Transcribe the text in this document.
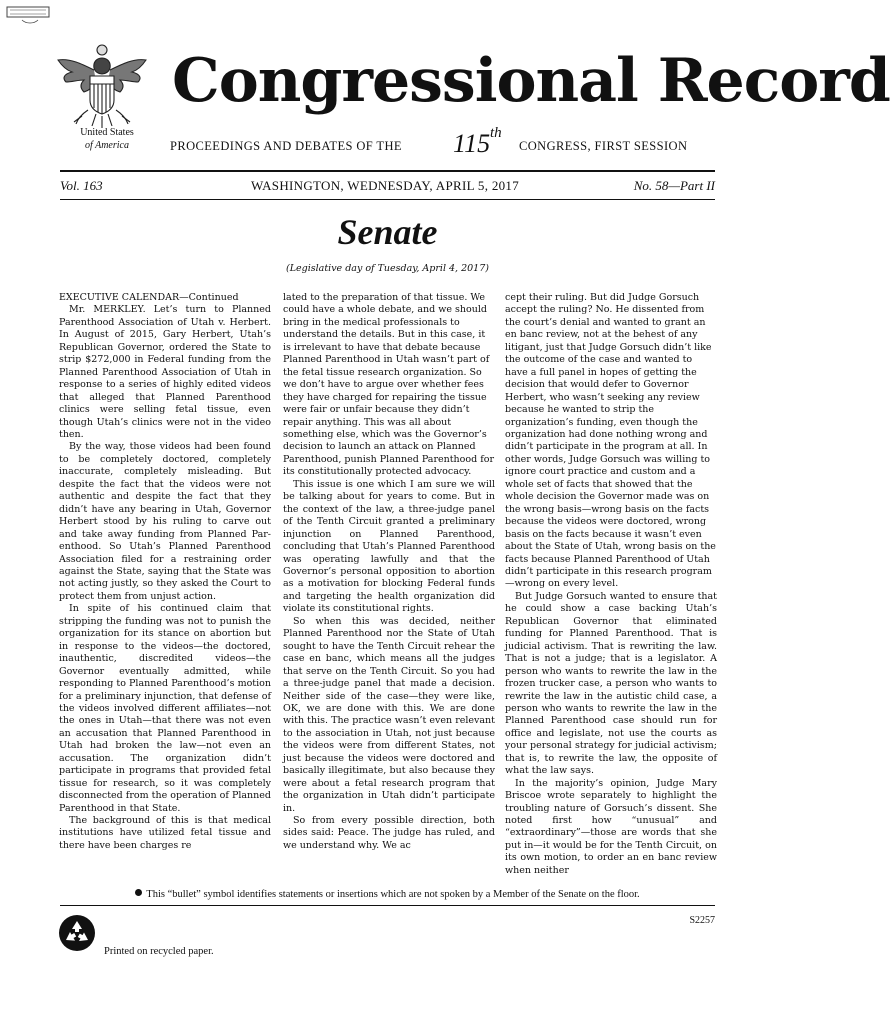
Congressional Record
United States
of America	PROCEEDINGS AND DEBATES OF THE 115 th
CONGRESS, FIRST SESSION
Vol. 163	WASHINGTON, WEDNESDAY, APRIL 5, 2017	No. 58—Part II
Senate
(Legislative day of Tuesday, April 4, 2017)

EXECUTIVE CALENDAR—Continued

Mr. MERKLEY. Let’s turn to Planned Parenthood Association of Utah v. Herbert. In August of 2015, Gary Herbert, Utah’s Republican Governor, ordered the State to strip $272,000 in Federal funding from the Planned Parenthood Association of Utah in response to a series of highly edited videos that alleged that Planned Parenthood clinics were selling fetal tissue, even though Utah’s clinics were not in the video then.

By the way, those videos had been found to be completely doctored, completely inaccurate, completely misleading. But despite the fact that the videos were not authentic and despite the fact that they didn’t have any bearing in Utah, Governor Herbert stood by his ruling to carve out and take away funding from Planned Parenthood. So Utah’s Planned Parenthood Association filed for a restraining order against the State, saying that the State was not acting justly, so they asked the Court to protect them from unjust action.

In spite of his continued claim that stripping the funding was not to punish the organization for its stance on abortion but in response to the videos—the doctored, inauthentic, discredited videos—the Governor eventually admitted, while responding to Planned Parenthood’s motion for a preliminary injunction, that defense of the videos involved different affiliates—not the ones in Utah—that there was not even an accusation that Planned Parenthood in Utah had broken the law—not even an accusation. The organization didn’t participate in programs that provided fetal tissue for research, so it was completely disconnected from the operation of Planned Parenthood in that State.

The background of this is that medical institutions have utilized fetal tissue and there have been charges re

lated to the preparation of that tissue. We could have a whole debate, and we should bring in the medical professionals to understand the details. But in this case, it is irrelevant to have that debate because Planned Parenthood in Utah wasn’t part of the fetal tissue research organization. So we don’t have to argue over whether fees they have charged for repairing the tissue were fair or unfair because they didn’t repair anything. This was all about something else, which was the Governor’s decision to launch an attack on Planned Parenthood, punish Planned Parenthood for its constitutionally protected advocacy.

This issue is one which I am sure we will be talking about for years to come. But in the context of the law, a three-judge panel of the Tenth Circuit granted a preliminary injunction on Planned Parenthood, concluding that Utah’s Planned Parenthood was operating lawfully and that the Governor’s personal opposition to abortion as a motivation for blocking Federal funds and targeting the health organization did violate its constitutional rights.

So when this was decided, neither Planned Parenthood nor the State of Utah sought to have the Tenth Circuit rehear the case en banc, which means all the judges that serve on the Tenth Circuit. So you had a three-judge panel that made a decision. Neither side of the case—they were like, OK, we are done with this. We are done with this. The practice wasn’t even relevant to the association in Utah, not just because the videos were from different States, not just because the videos were doctored and basically illegitimate, but also because they were about a fetal research program that the organization in Utah didn’t participate in.

So from every possible direction, both sides said: Peace. The judge has ruled, and we understand why. We ac

cept their ruling. But did Judge Gorsuch accept the ruling? No. He dissented from the court’s denial and wanted to grant an en banc review, not at the behest of any litigant, just that Judge Gorsuch didn’t like the outcome of the case and wanted to have a full panel in hopes of getting the decision that would defer to Governor Herbert, who wasn’t seeking any review because he wanted to strip the organization’s funding, even though the organization had done nothing wrong and didn’t participate in the program at all. In other words, Judge Gorsuch was willing to ignore court practice and custom and a whole set of facts that showed that the whole decision the Governor made was on the wrong basis—wrong basis on the facts because the videos were doctored, wrong basis on the facts because it wasn’t even about the State of Utah, wrong basis on the facts because Planned Parenthood of Utah didn’t participate in this research program—wrong on every level.

But Judge Gorsuch wanted to ensure that he could show a case backing Utah’s Republican Governor that eliminated funding for Planned Parenthood. That is judicial activism. That is rewriting the law. That is not a judge; that is a legislator. A person who wants to rewrite the law in the frozen trucker case, a person who wants to rewrite the law in the autistic child case, a person who wants to rewrite the law in the Planned Parenthood case should run for office and legislate, not use the courts as your personal strategy for judicial activism; that is, to rewrite the law, the opposite of what the law says.

In the majority’s opinion, Judge Mary Briscoe wrote separately to highlight the troubling nature of Gorsuch’s dissent. She noted first how “unusual” and “extraordinary”—those are words that she put in—it would be for the Tenth Circuit, on its own motion, to order an en banc review when neither

This “bullet” symbol identifies statements or insertions which are not spoken by a Member of the Senate on the floor.
S2257
Printed on recycled paper.
